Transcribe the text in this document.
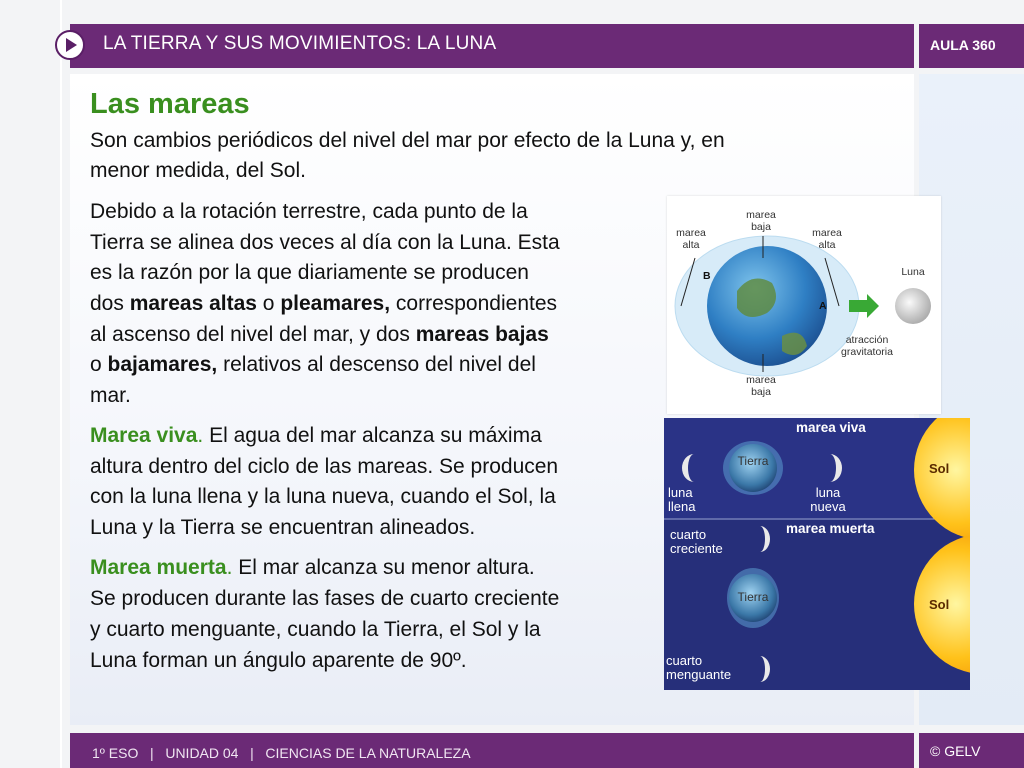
LA TIERRA Y SUS MOVIMIENTOS: LA LUNA	AULA 360
Las mareas
Son cambios periódicos del nivel del mar por efecto de la Luna y, en
menor medida, del Sol.
Debido a la rotación terrestre, cada punto de la
Tierra se alinea dos veces al día con la Luna. Esta
es la razón por la que diariamente se producen
dos mareas altas o pleamares, correspondientes
al ascenso del nivel del mar, y dos mareas bajas
o bajamares, relativos al descenso del nivel del
mar.
Marea viva. El agua del mar alcanza su máxima
altura dentro del ciclo de las mareas. Se producen
con la luna llena y la luna nueva, cuando el Sol, la
Luna y la Tierra se encuentran alineados.
Marea muerta. El mar alcanza su menor altura.
Se producen durante las fases de cuarto creciente
y cuarto menguante, cuando la Tierra, el Sol y la
Luna forman un ángulo aparente de 90º.
marea
baja
marea
alta
marea
alta
B
A
Luna
atracción
gravitatoria
marea
baja
marea viva
marea muerta
Tierra
Tierra
Sol
Sol
luna
llena
luna
nueva
cuarto
creciente
cuarto
menguante
1º ESO   |   UNIDAD 04   |   CIENCIAS DE LA NATURALEZA	© GELV
